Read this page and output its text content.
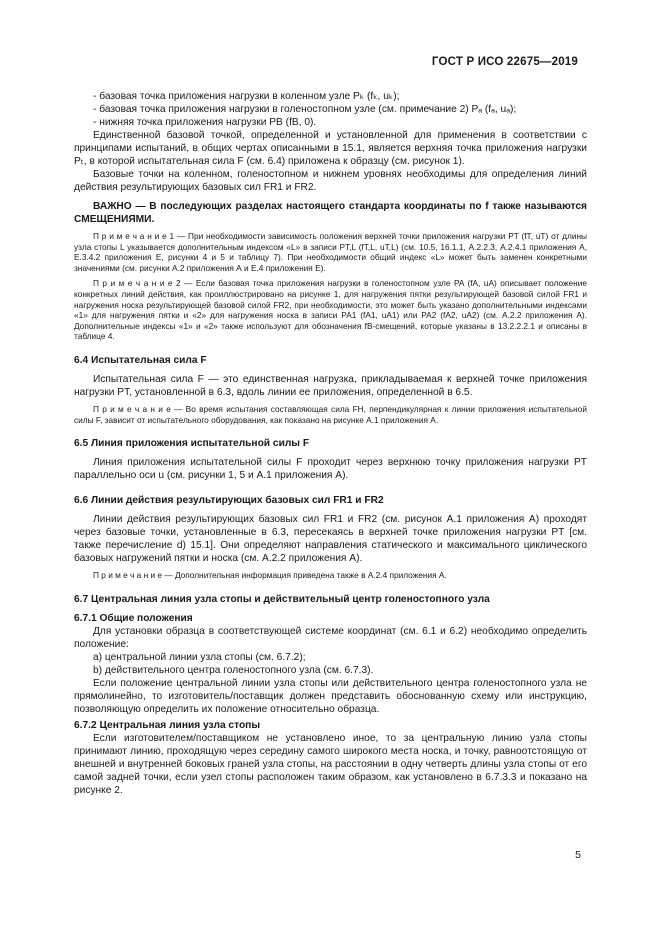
ГОСТ Р ИСО 22675—2019

- базовая точка приложения нагрузки в коленном узле Pₖ (fₖ, uₖ);

- базовая точка приложения нагрузки в голеностопном узле (см. примечание 2) Pₐ (fₐ, uₐ);

- нижняя точка приложения нагрузки PΒ (fΒ, 0).

Единственной базовой точкой, определенной и установленной для применения в соответствии с принципами испытаний, в общих чертах описанными в 15.1, является верхняя точка приложения нагрузки Pₜ, в которой испытательная сила F (см. 6.4) приложена к образцу (см. рисунок 1).

Базовые точки на коленном, голеностопном и нижнем уровнях необходимы для определения линий действия результирующих базовых сил FR1 и FR2.

ВАЖНО — В последующих разделах настоящего стандарта координаты по f также называются СМЕЩЕНИЯМИ.

П р и м е ч а н и е 1 — При необходимости зависимость положения верхней точки приложения нагрузки PT (fT, uT) от длины узла стопы L указывается дополнительным индексом «L» в записи PT,L (fT,L, uT,L) (см. 10.5, 16.1.1, А.2.2.3, А.2.4.1 приложения А, Е.3.4.2 приложения Е, рисунки 4 и 5 и таблицу 7). При необходимости общий индекс «L» может быть заменен конкретными значениями (см. рисунки А.2 приложения А и Е.4 приложения Е).

П р и м е ч а н и е 2 — Если базовая точка приложения нагрузки в голеностопном узле PA (fA, uA) описывает положение конкретных линий действия, как проиллюстрировано на рисунке 1, для нагружения пятки результирующей базовой силой FR1 и нагружения носка результирующей базовой силой FR2, при необходимости, это может быть указано дополнительными индексами «1» для нагружения пятки и «2» для нагружения носка в записи PA1 (fA1, uA1) или PA2 (fA2, uA2) (см. А.2.2 приложения А). Дополнительные индексы «1» и «2» также используют для обозначения fB-смещений, которые указаны в 13.2.2.2.1 и описаны в таблице 4.

6.4 Испытательная сила F

Испытательная сила F — это единственная нагрузка, прикладываемая к верхней точке приложения нагрузки PT, установленной в 6.3, вдоль линии ее приложения, определенной в 6.5.

П р и м е ч а н и е — Во время испытания составляющая сила FH, перпендикулярная к линии приложения испытательной силы F, зависит от испытательного оборудования, как показано на рисунке А.1 приложения А.

6.5 Линия приложения испытательной силы F

Линия приложения испытательной силы F проходит через верхнюю точку приложения нагрузки PT параллельно оси u (см. рисунки 1, 5 и А.1 приложения А).

6.6 Линии действия результирующих базовых сил FR1 и FR2

Линии действия результирующих базовых сил FR1 и FR2 (см. рисунок А.1 приложения А) проходят через базовые точки, установленные в 6.3, пересекаясь в верхней точке приложения нагрузки PT [см. также перечисление d) 15.1]. Они определяют направления статического и максимального циклического базовых нагружений пятки и носка (см. А.2.2 приложения А).

П р и м е ч а н и е — Дополнительная информация приведена также в А.2.4 приложения А.

6.7 Центральная линия узла стопы и действительный центр голеностопного узла

6.7.1 Общие положения

Для установки образца в соответствующей системе координат (см. 6.1 и 6.2) необходимо определить положение:

а) центральной линии узла стопы (см. 6.7.2);

b) действительного центра голеностопного узла (см. 6.7.3).

Если положение центральной линии узла стопы или действительного центра голеностопного узла не прямолинейно, то изготовитель/поставщик должен представить обоснованную схему или инструкцию, позволяющую определить их положение относительно образца.

6.7.2 Центральная линия узла стопы

Если изготовителем/поставщиком не установлено иное, то за центральную линию узла стопы принимают линию, проходящую через середину самого широкого места носка, и точку, равноотстоящую от внешней и внутренней боковых граней узла стопы, на расстоянии в одну четверть длины узла стопы от его самой задней точки, если узел стопы расположен таким образом, как установлено в 6.7.3.3 и показано на рисунке 2.

5
